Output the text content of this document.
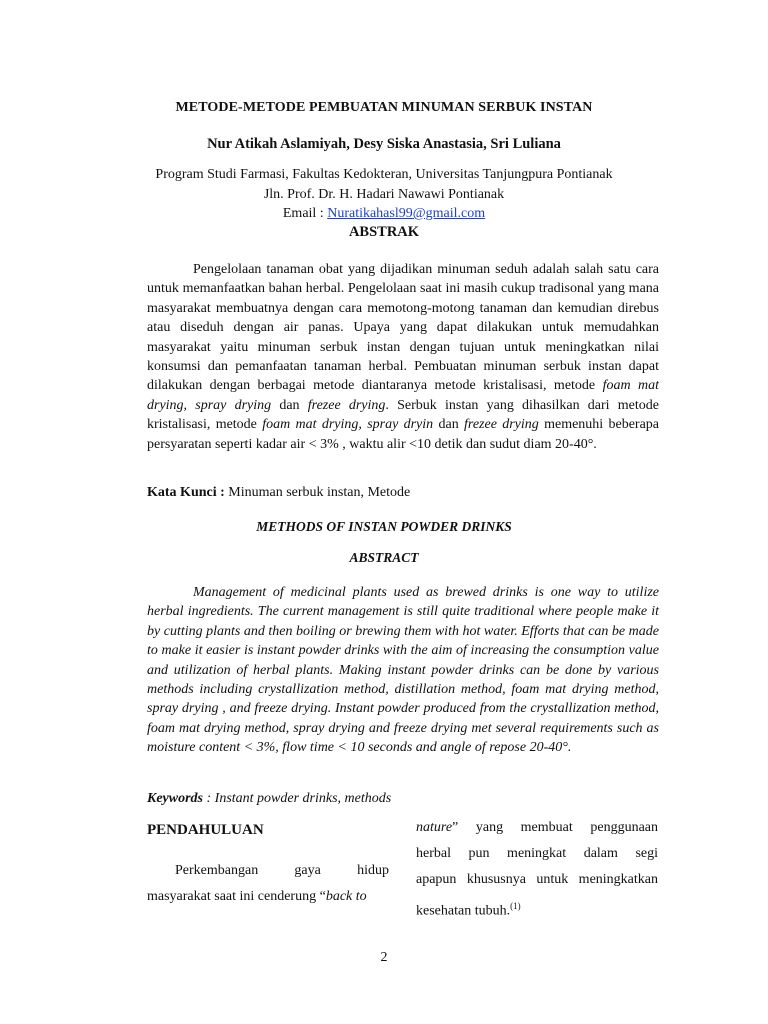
METODE-METODE PEMBUATAN MINUMAN SERBUK INSTAN
Nur Atikah Aslamiyah, Desy Siska Anastasia, Sri Luliana
Program Studi Farmasi, Fakultas Kedokteran, Universitas Tanjungpura Pontianak
Jln. Prof. Dr. H. Hadari Nawawi Pontianak
Email : Nuratikahasl99@gmail.com
ABSTRAK

Pengelolaan tanaman obat yang dijadikan minuman seduh adalah salah satu cara untuk memanfaatkan bahan herbal. Pengelolaan saat ini masih cukup tradisonal yang mana masyarakat membuatnya dengan cara memotong-motong tanaman dan kemudian direbus atau diseduh dengan air panas. Upaya yang dapat dilakukan untuk memudahkan masyarakat yaitu minuman serbuk instan dengan tujuan untuk meningkatkan nilai konsumsi dan pemanfaatan tanaman herbal. Pembuatan minuman serbuk instan dapat dilakukan dengan berbagai metode diantaranya metode kristalisasi, metode foam mat drying, spray drying dan frezee drying. Serbuk instan yang dihasilkan dari metode kristalisasi, metode foam mat drying, spray dryin dan frezee drying memenuhi beberapa persyaratan seperti kadar air < 3% , waktu alir <10 detik dan sudut diam 20-40°.

Kata Kunci : Minuman serbuk instan, Metode
METHODS OF INSTAN POWDER DRINKS
ABSTRACT

Management of medicinal plants used as brewed drinks is one way to utilize herbal ingredients. The current management is still quite traditional where people make it by cutting plants and then boiling or brewing them with hot water. Efforts that can be made to make it easier is instant powder drinks with the aim of increasing the consumption value and utilization of herbal plants. Making instant powder drinks can be done by various methods including crystallization method, distillation method, foam mat drying method, spray drying , and freeze drying. Instant powder produced from the crystallization method, foam mat drying method, spray drying and freeze drying met several requirements such as moisture content < 3%, flow time < 10 seconds and angle of repose 20-40°.

Keywords : Instant powder drinks, methods
PENDAHULUAN
Perkembangan gaya hidup
masyarakat saat ini cenderung “back to
nature” yang membuat penggunaan
herbal pun meningkat dalam segi
apapun khususnya untuk meningkatkan
kesehatan tubuh.$^{(1)}$
2
